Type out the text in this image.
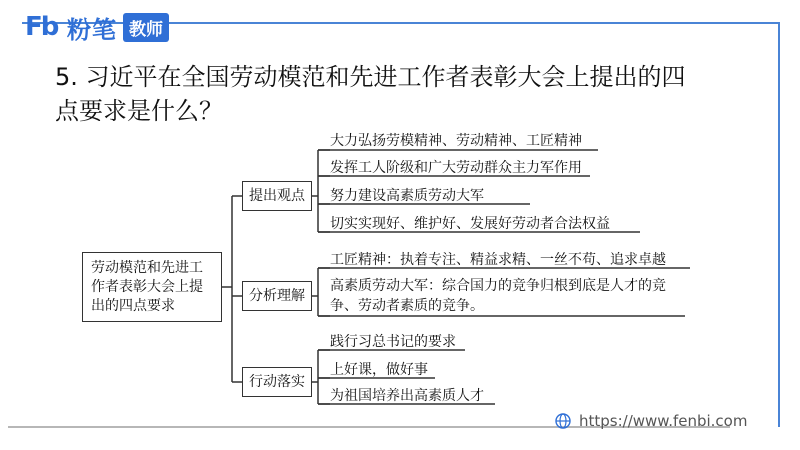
Fb 粉笔 教师
5. 习近平在全国劳动模范和先进工作者表彰大会上提出的四点要求是什么？
劳动模范和先进工作者表彰大会上提出的四点要求
提出观点
分析理解
行动落实
大力弘扬劳模精神、劳动精神、工匠精神
发挥工人阶级和广大劳动群众主力军作用
努力建设高素质劳动大军
切实实现好、维护好、发展好劳动者合法权益
工匠精神：执着专注、精益求精、一丝不苟、追求卓越
高素质劳动大军：综合国力的竞争归根到底是人才的竞争、劳动者素质的竞争。
践行习总书记的要求
上好课，做好事
为祖国培养出高素质人才
https://www.fenbi.com
